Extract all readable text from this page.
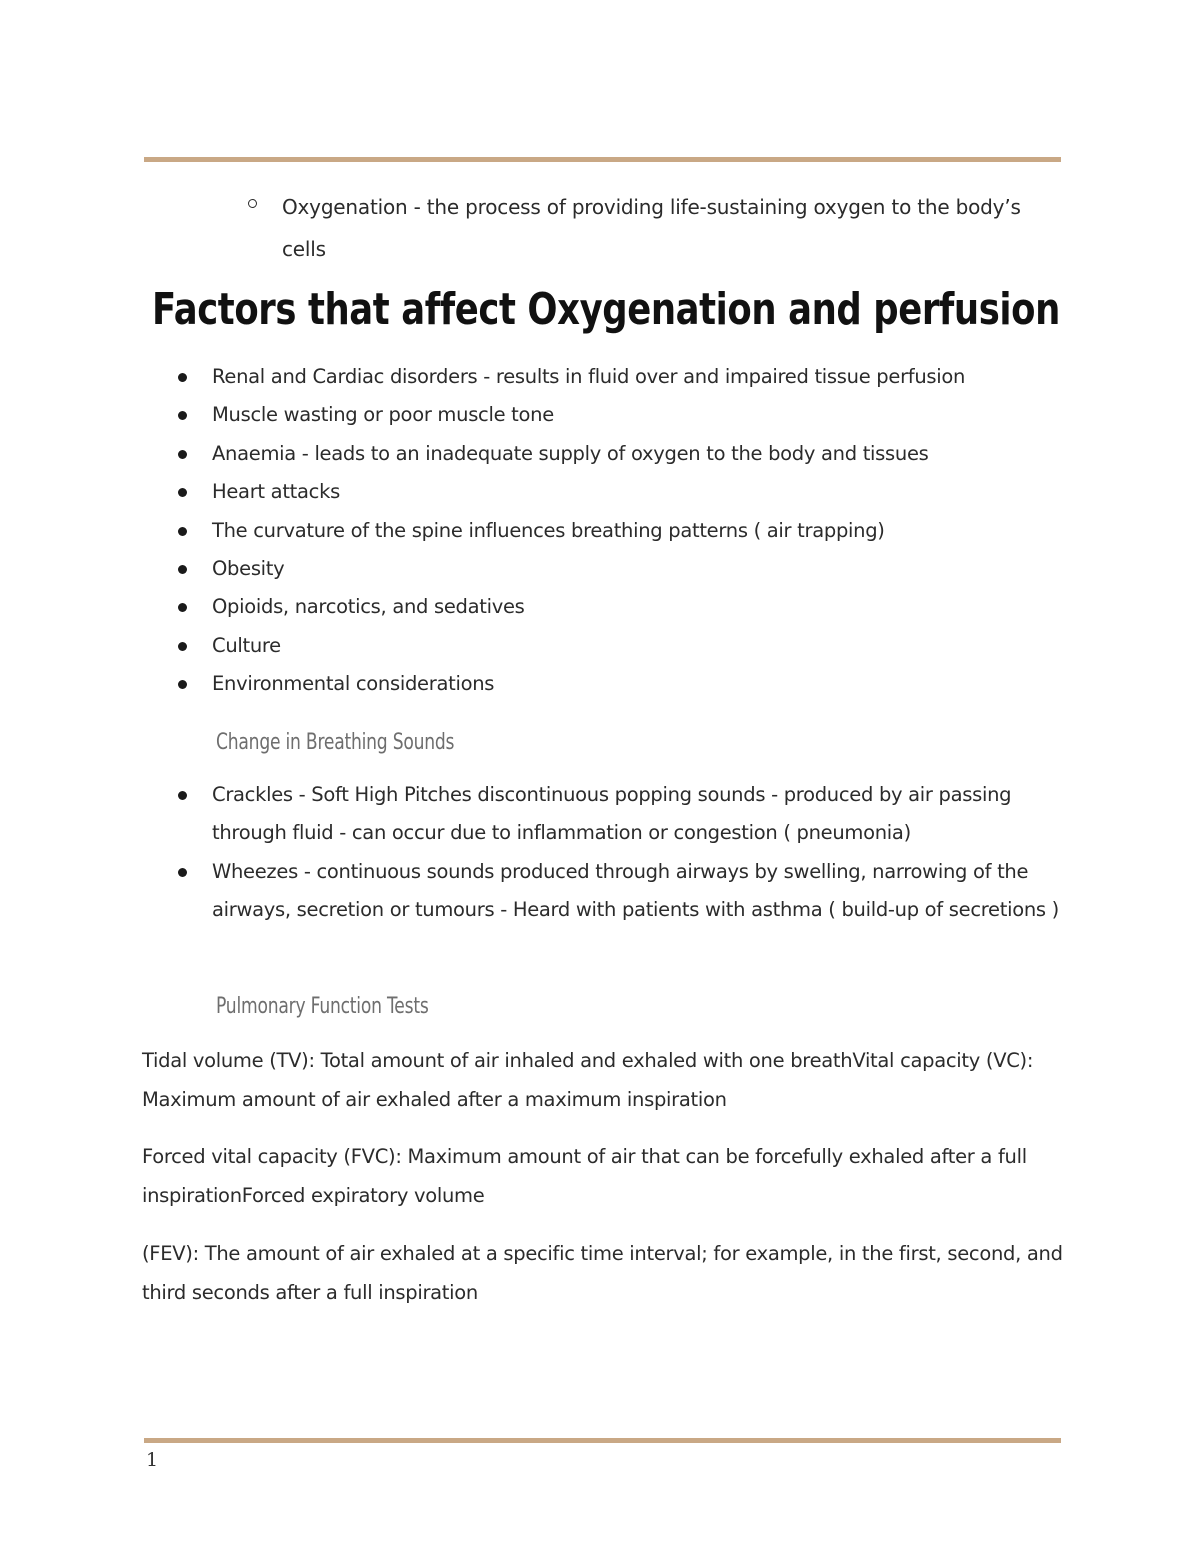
Oxygenation - the process of providing life-sustaining oxygen to the body’s cells
Factors that affect Oxygenation and perfusion
Renal and Cardiac disorders - results in fluid over and impaired tissue perfusion
Muscle wasting or poor muscle tone
Anaemia - leads to an inadequate supply of oxygen to the body and tissues
Heart attacks
The curvature of the spine influences breathing patterns ( air trapping)
Obesity
Opioids, narcotics, and sedatives
Culture
Environmental considerations
Change in Breathing Sounds
Crackles - Soft High Pitches discontinuous popping sounds - produced by air passing through fluid - can occur due to inflammation or congestion ( pneumonia)
Wheezes - continuous sounds produced through airways by swelling, narrowing of the airways, secretion or tumours - Heard with patients with asthma ( build-up of secretions )
Pulmonary Function Tests

Tidal volume (TV): Total amount of air inhaled and exhaled with one breathVital capacity (VC): Maximum amount of air exhaled after a maximum inspiration

Forced vital capacity (FVC): Maximum amount of air that can be forcefully exhaled after a full inspirationForced expiratory volume

(FEV): The amount of air exhaled at a specific time interval; for example, in the first, second, and third seconds after a full inspiration

1
